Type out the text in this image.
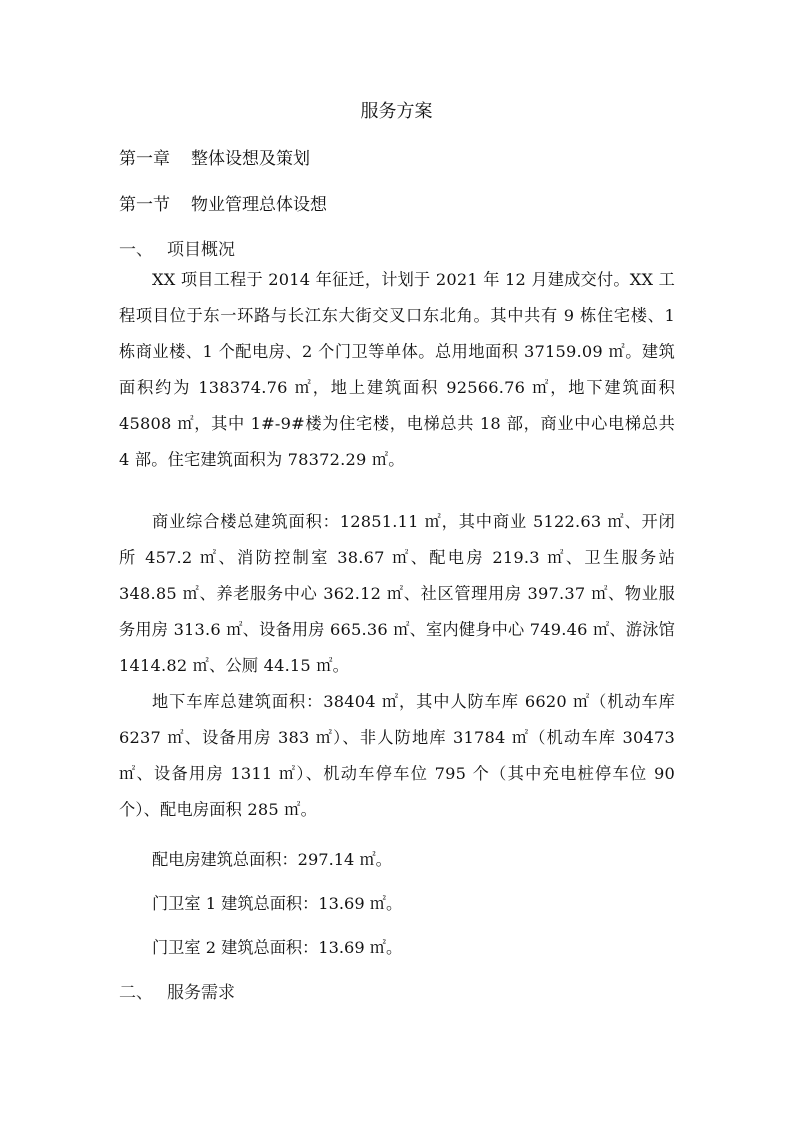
服务方案
第一章 整体设想及策划
第一节 物业管理总体设想
一、 项目概况

XX 项目工程于 2014 年征迁，计划于 2021 年 12 月建成交付。XX 工程项目位于东一环路与长江东大街交叉口东北角。其中共有 9 栋住宅楼、1 栋商业楼、1 个配电房、2 个门卫等单体。总用地面积 37159.09 ㎡。建筑面积约为 138374.76 ㎡，地上建筑面积 92566.76 ㎡，地下建筑面积 45808 ㎡，其中 1#-9#楼为住宅楼，电梯总共 18 部，商业中心电梯总共 4 部。住宅建筑面积为 78372.29 ㎡。

商业综合楼总建筑面积：12851.11 ㎡，其中商业 5122.63 ㎡、开闭所 457.2 ㎡、消防控制室 38.67 ㎡、配电房 219.3 ㎡、卫生服务站 348.85 ㎡、养老服务中心 362.12 ㎡、社区管理用房 397.37 ㎡、物业服务用房 313.6 ㎡、设备用房 665.36 ㎡、室内健身中心 749.46 ㎡、游泳馆 1414.82 ㎡、公厕 44.15 ㎡。

地下车库总建筑面积：38404 ㎡，其中人防车库 6620 ㎡（机动车库 6237 ㎡、设备用房 383 ㎡）、非人防地库 31784 ㎡（机动车库 30473 ㎡、设备用房 1311 ㎡）、机动车停车位 795 个（其中充电桩停车位 90 个）、配电房面积 285 ㎡。

配电房建筑总面积：297.14 ㎡。
门卫室 1 建筑总面积：13.69 ㎡。
门卫室 2 建筑总面积：13.69 ㎡。
二、 服务需求
